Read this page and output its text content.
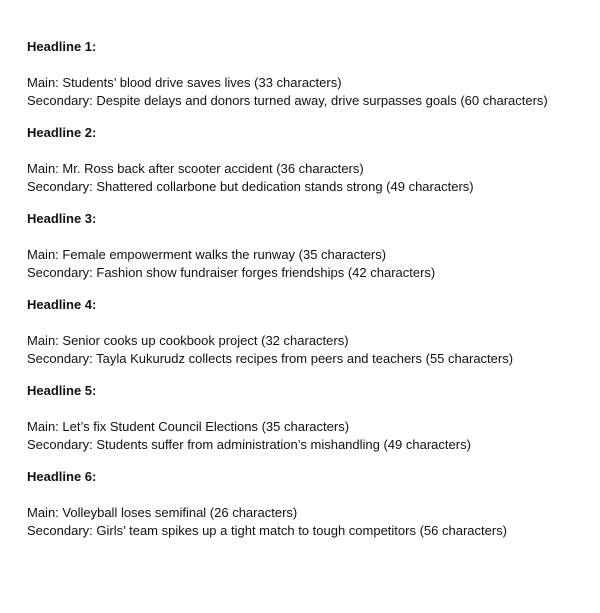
Headline 1:
Main: Students’ blood drive saves lives (33 characters)
Secondary: Despite delays and donors turned away, drive surpasses goals (60 characters)
Headline 2:
Main: Mr. Ross back after scooter accident (36 characters)
Secondary: Shattered collarbone but dedication stands strong (49 characters)
Headline 3:
Main: Female empowerment walks the runway (35 characters)
Secondary: Fashion show fundraiser forges friendships (42 characters)
Headline 4:
Main: Senior cooks up cookbook project (32 characters)
Secondary: Tayla Kukurudz collects recipes from peers and teachers (55 characters)
Headline 5:
Main: Let’s fix Student Council Elections (35 characters)
Secondary: Students suffer from administration’s mishandling (49 characters)
Headline 6:
Main: Volleyball loses semifinal (26 characters)
Secondary: Girls’ team spikes up a tight match to tough competitors (56 characters)
